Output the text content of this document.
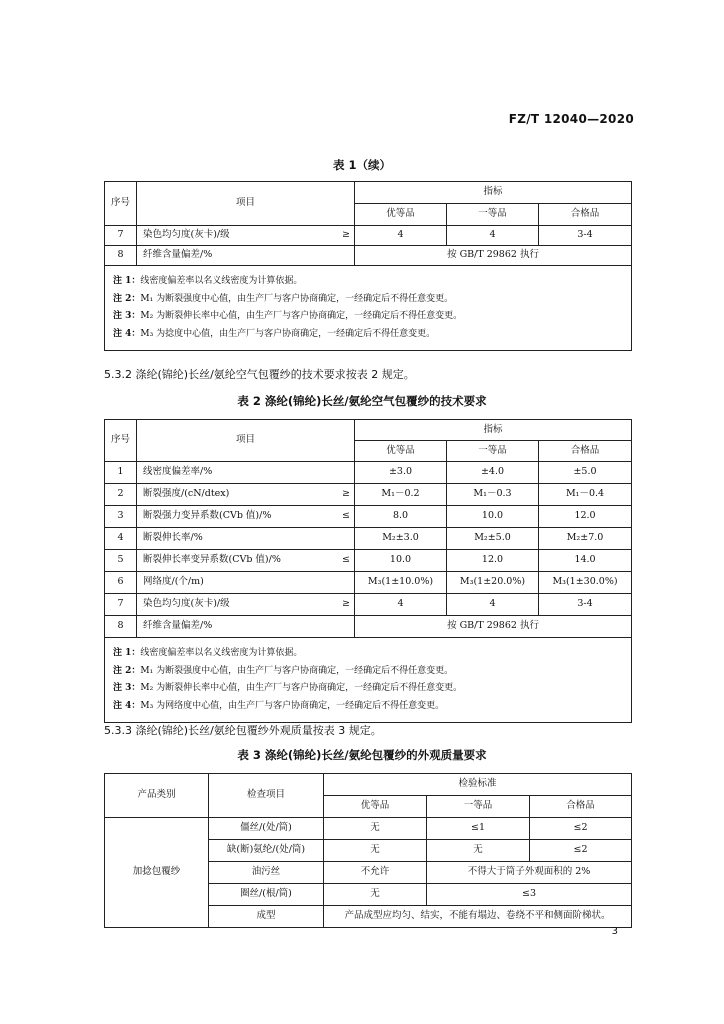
FZ/T 12040—2020
表 1（续）
序号	项目	指标		
		优等品	一等品	合格品
7	染色均匀度(灰卡)/级 ≥	4	4	3-4
8	纤维含量偏差/%	按 GB/T 29862 执行		

注 1：线密度偏差率以名义线密度为计算依据。
注 2：M₁ 为断裂强度中心值，由生产厂与客户协商确定，一经确定后不得任意变更。
注 3：M₂ 为断裂伸长率中心值，由生产厂与客户协商确定，一经确定后不得任意变更。
注 4：M₃ 为捻度中心值，由生产厂与客户协商确定，一经确定后不得任意变更。				
5.3.2 涤纶(锦纶)长丝/氨纶空气包覆纱的技术要求按表 2 规定。
表 2 涤纶(锦纶)长丝/氨纶空气包覆纱的技术要求
序号	项目	指标		
		优等品	一等品	合格品
1	线密度偏差率/%	±3.0	±4.0	±5.0
2	断裂强度/(cN/dtex) ≥	M₁－0.2	M₁－0.3	M₁－0.4
3	断裂强力变异系数(CVb 值)/% ≤	8.0	10.0	12.0
4	断裂伸长率/%	M₂±3.0	M₂±5.0	M₂±7.0
5	断裂伸长率变异系数(CVb 值)/% ≤	10.0	12.0	14.0
6	网络度/(个/m)	M₃(1±10.0%)	M₃(1±20.0%)	M₃(1±30.0%)
7	染色均匀度(灰卡)/级 ≥	4	4	3-4
8	纤维含量偏差/%	按 GB/T 29862 执行		

注 1：线密度偏差率以名义线密度为计算依据。
注 2：M₁ 为断裂强度中心值，由生产厂与客户协商确定，一经确定后不得任意变更。
注 3：M₂ 为断裂伸长率中心值，由生产厂与客户协商确定，一经确定后不得任意变更。
注 4：M₃ 为网络度中心值，由生产厂与客户协商确定，一经确定后不得任意变更。				
5.3.3 涤纶(锦纶)长丝/氨纶包覆纱外观质量按表 3 规定。
表 3 涤纶(锦纶)长丝/氨纶包覆纱的外观质量要求
产品类别	检查项目	检验标准		
		优等品	一等品	合格品
加捻包覆纱	僵丝/(处/筒)	无	≤1	≤2
	缺(断)氨纶/(处/筒)	无	无	≤2
	油污丝	不允许	不得大于筒子外观面积的 2%	
	圈丝/(根/筒)	无	≤3	
	成型	产品成型应均匀、结实，不能有塌边、卷绕不平和侧面阶梯状。		
3
